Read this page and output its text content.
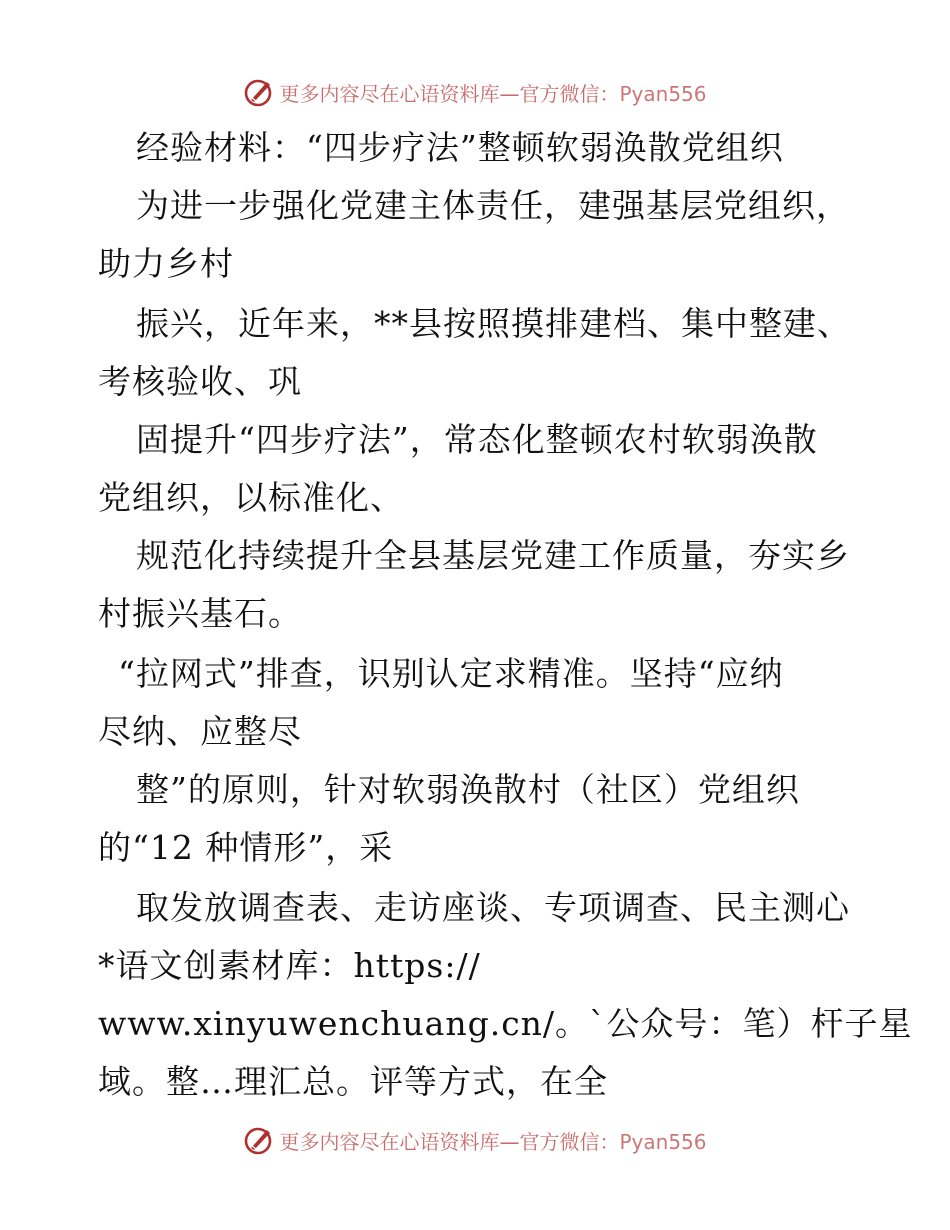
更多内容尽在心语资料库—官方微信：Pyan556
经验材料：“四步疗法”整顿软弱涣散党组织
为进一步强化党建主体责任，建强基层党组织，
助力乡村
振兴，近年来，**县按照摸排建档、集中整建、
考核验收、巩
固提升“四步疗法”，常态化整顿农村软弱涣散
党组织，以标准化、
规范化持续提升全县基层党建工作质量，夯实乡
村振兴基石。
“拉网式”排查，识别认定求精准。坚持“应纳
尽纳、应整尽
整”的原则，针对软弱涣散村（社区）党组织
的“12 种情形”，采
取发放调查表、走访座谈、专项调查、民主测心
*语文创素材库：https://
www.xinyuwenchuang.cn/。`公众号：笔）杆子星
域。整…理汇总。评等方式，在全
更多内容尽在心语资料库—官方微信：Pyan556
